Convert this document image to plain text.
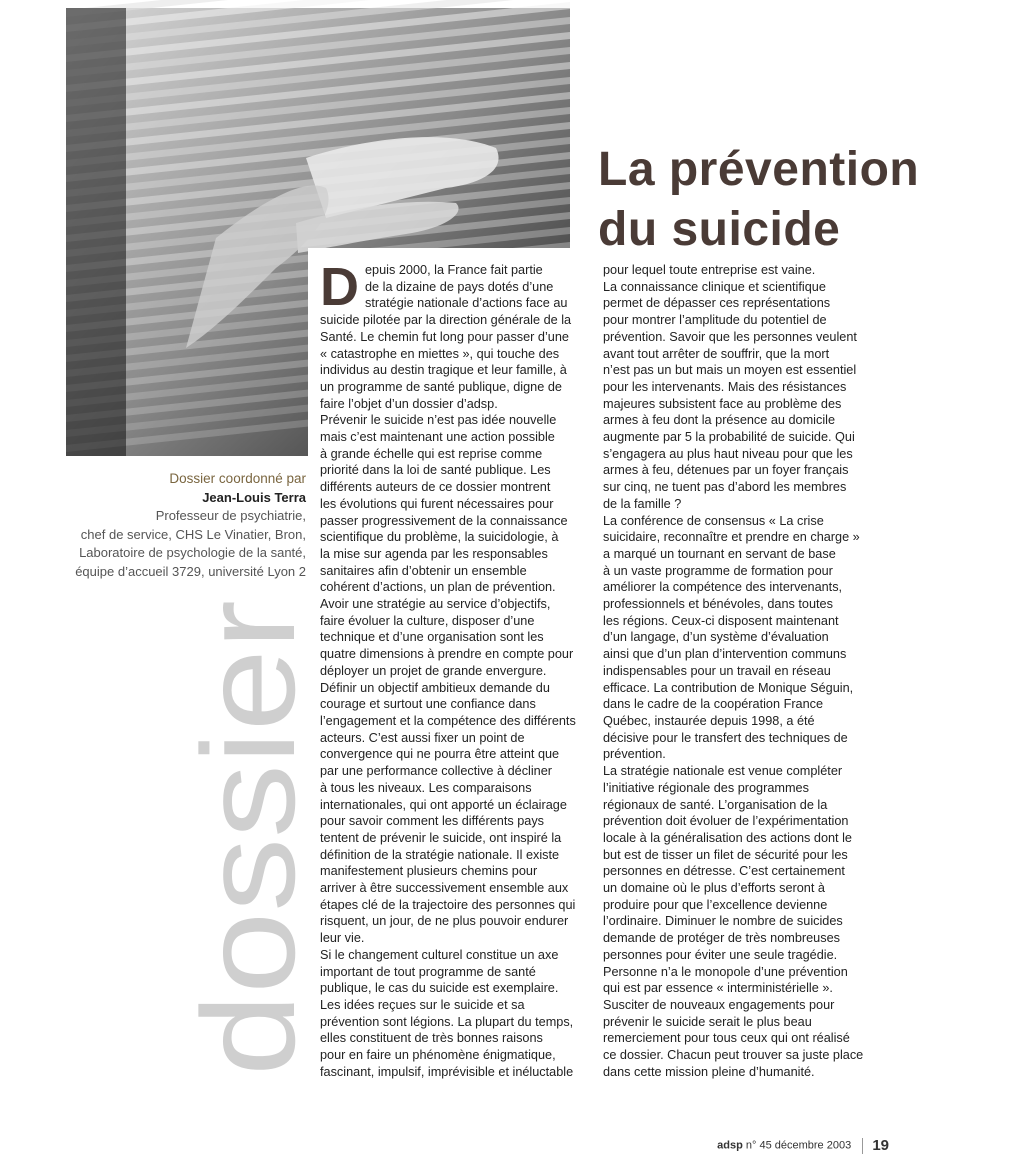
La prévention
du suicide
Dossier coordonné par
Jean-Louis Terra
Professeur de psychiatrie,
chef de service, CHS Le Vinatier, Bron,
Laboratoire de psychologie de la santé,
équipe d’accueil 3729, université Lyon 2
dossier
D epuis 2000, la France fait partie
de la dizaine de pays dotés d’une
stratégie nationale d’actions face au
suicide pilotée par la direction générale de la
Santé. Le chemin fut long pour passer d’une
« catastrophe en miettes », qui touche des
individus au destin tragique et leur famille, à
un programme de santé publique, digne de
faire l’objet d’un dossier d’adsp.
Prévenir le suicide n’est pas idée nouvelle
mais c’est maintenant une action possible
à grande échelle qui est reprise comme
priorité dans la loi de santé publique. Les
différents auteurs de ce dossier montrent
les évolutions qui furent nécessaires pour
passer progressivement de la connaissance
scientifique du problème, la suicidologie, à
la mise sur agenda par les responsables
sanitaires afin d’obtenir un ensemble
cohérent d’actions, un plan de prévention.
Avoir une stratégie au service d’objectifs,
faire évoluer la culture, disposer d’une
technique et d’une organisation sont les
quatre dimensions à prendre en compte pour
déployer un projet de grande envergure.
Définir un objectif ambitieux demande du
courage et surtout une confiance dans
l’engagement et la compétence des différents
acteurs. C’est aussi fixer un point de
convergence qui ne pourra être atteint que
par une performance collective à décliner
à tous les niveaux. Les comparaisons
internationales, qui ont apporté un éclairage
pour savoir comment les différents pays
tentent de prévenir le suicide, ont inspiré la
définition de la stratégie nationale. Il existe
manifestement plusieurs chemins pour
arriver à être successivement ensemble aux
étapes clé de la trajectoire des personnes qui
risquent, un jour, de ne plus pouvoir endurer
leur vie.
Si le changement culturel constitue un axe
important de tout programme de santé
publique, le cas du suicide est exemplaire.
Les idées reçues sur le suicide et sa
prévention sont légions. La plupart du temps,
elles constituent de très bonnes raisons
pour en faire un phénomène énigmatique,
fascinant, impulsif, imprévisible et inéluctable
pour lequel toute entreprise est vaine.
La connaissance clinique et scientifique
permet de dépasser ces représentations
pour montrer l’amplitude du potentiel de
prévention. Savoir que les personnes veulent
avant tout arrêter de souffrir, que la mort
n’est pas un but mais un moyen est essentiel
pour les intervenants. Mais des résistances
majeures subsistent face au problème des
armes à feu dont la présence au domicile
augmente par 5 la probabilité de suicide. Qui
s’engagera au plus haut niveau pour que les
armes à feu, détenues par un foyer français
sur cinq, ne tuent pas d’abord les membres
de la famille ?
La conférence de consensus « La crise
suicidaire, reconnaître et prendre en charge »
a marqué un tournant en servant de base
à un vaste programme de formation pour
améliorer la compétence des intervenants,
professionnels et bénévoles, dans toutes
les régions. Ceux-ci disposent maintenant
d’un langage, d’un système d’évaluation
ainsi que d’un plan d’intervention communs
indispensables pour un travail en réseau
efficace. La contribution de Monique Séguin,
dans le cadre de la coopération France
Québec, instaurée depuis 1998, a été
décisive pour le transfert des techniques de
prévention.
La stratégie nationale est venue compléter
l’initiative régionale des programmes
régionaux de santé. L’organisation de la
prévention doit évoluer de l’expérimentation
locale à la généralisation des actions dont le
but est de tisser un filet de sécurité pour les
personnes en détresse. C’est certainement
un domaine où le plus d’efforts seront à
produire pour que l’excellence devienne
l’ordinaire. Diminuer le nombre de suicides
demande de protéger de très nombreuses
personnes pour éviter une seule tragédie.
Personne n’a le monopole d’une prévention
qui est par essence « interministérielle ».
Susciter de nouveaux engagements pour
prévenir le suicide serait le plus beau
remerciement pour tous ceux qui ont réalisé
ce dossier. Chacun peut trouver sa juste place
dans cette mission pleine d’humanité.
adsp n° 45 décembre 2003 19
